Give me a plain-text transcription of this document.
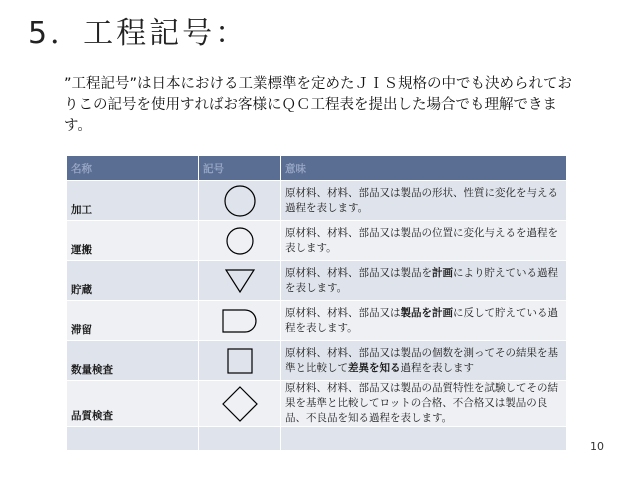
5．工程記号：
”工程記号”は日本における工業標準を定めたＪＩＳ規格の中でも決められておりこの記号を使用すればお客様にＱＣ工程表を提出した場合でも理解できます。
名称	記号	意味
加工		原材料、材料、部品又は製品の形状、性質に変化を与える過程を表します。
運搬		原材料、材料、部品又は製品の位置に変化与えるを過程を表します。
貯蔵		原材料、材料、部品又は製品を計画により貯えている過程を表します。
滞留		原材料、材料、部品又は製品を計画に反して貯えている過程を表します。
数量検査		原材料、材料、部品又は製品の個数を測ってその結果を基準と比較して差異を知る過程を表します
品質検査		原材料、材料、部品又は製品の品質特性を試験してその結果を基準と比較してロットの合格、不合格又は製品の良品、不良品を知る過程を表します。

10
